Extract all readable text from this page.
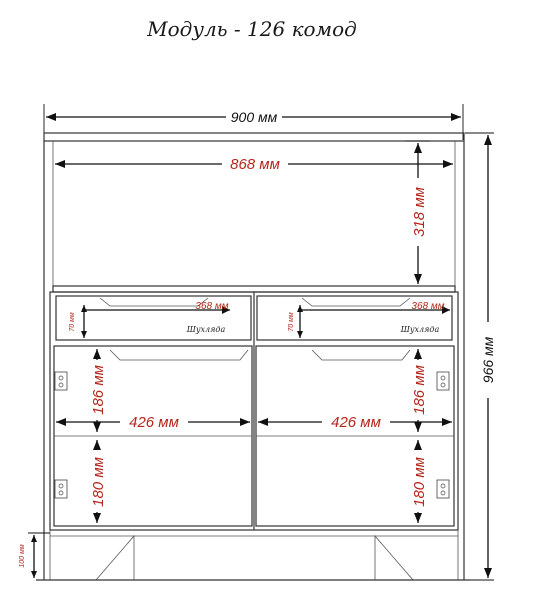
Модуль - 126 комод
900 мм
966 мм
868 мм
318 мм
368 мм
70 мм	Шухляда
368 мм
70 мм	Шухляда
186 мм
180 мм
426 мм
186 мм
180 мм
426 мм
100 мм
